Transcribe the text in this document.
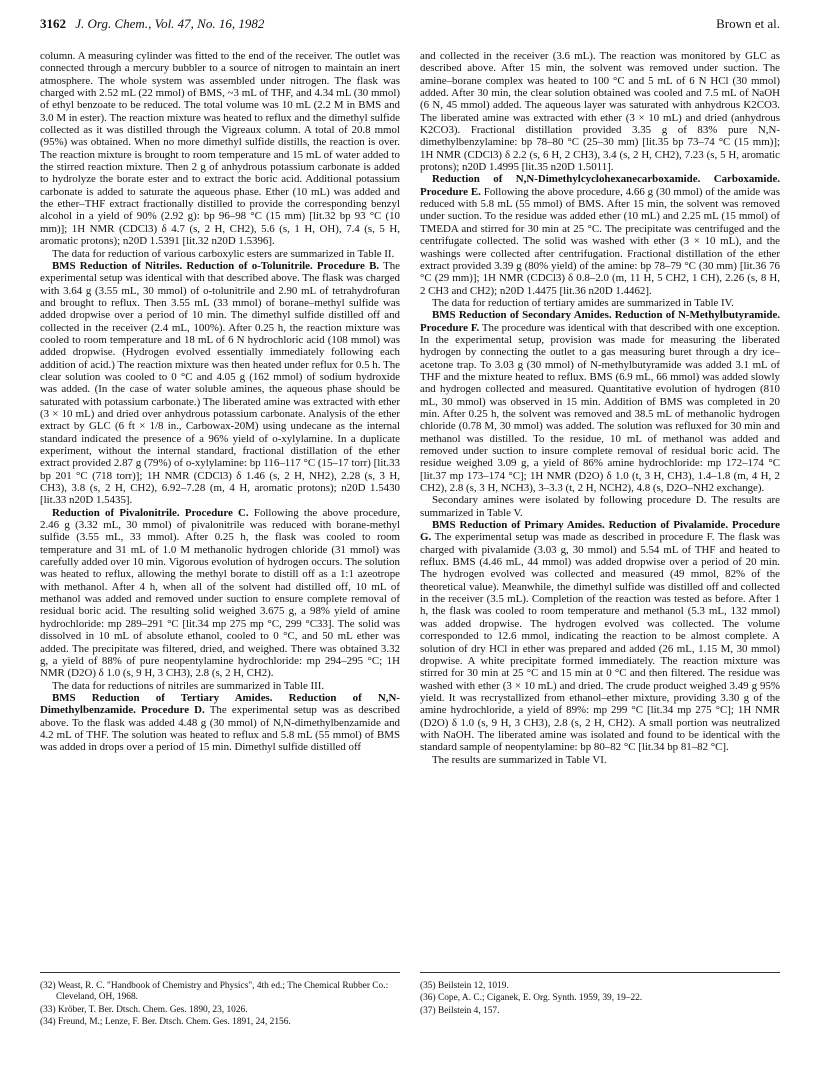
3162 J. Org. Chem., Vol. 47, No. 16, 1982	Brown et al.

column. A measuring cylinder was fitted to the end of the receiver. The outlet was connected through a mercury bubbler to a source of nitrogen to maintain an inert atmosphere. The whole system was assembled under nitrogen. The flask was charged with 2.52 mL (22 mmol) of BMS, ~3 mL of THF, and 4.34 mL (30 mmol) of ethyl benzoate to be reduced. The total volume was 10 mL (2.2 M in BMS and 3.0 M in ester). The reaction mixture was heated to reflux and the dimethyl sulfide collected as it was distilled through the Vigreaux column. A total of 20.8 mmol (95%) was obtained. When no more dimethyl sulfide distills, the reaction is over. The reaction mixture is brought to room temperature and 15 mL of water added to the stirred reaction mixture. Then 2 g of anhydrous potassium carbonate is added to hydrolyze the borate ester and to extract the boric acid. Additional potassium carbonate is added to saturate the aqueous phase. Ether (10 mL) was added and the ether–THF extract fractionally distilled to provide the corresponding benzyl alcohol in a yield of 90% (2.92 g): bp 96–98 °C (15 mm) [lit.32 bp 93 °C (10 mm)]; 1H NMR (CDCl3) δ 4.7 (s, 2 H, CH2), 5.6 (s, 1 H, OH), 7.4 (s, 5 H, aromatic protons); n20D 1.5391 [lit.32 n20D 1.5396].

The data for reduction of various carboxylic esters are summarized in Table II.

BMS Reduction of Nitriles. Reduction of o-Tolunitrile. Procedure B. The experimental setup was identical with that described above. The flask was charged with 3.64 g (3.55 mL, 30 mmol) of o-tolunitrile and 2.90 mL of tetrahydrofuran and brought to reflux. Then 3.55 mL (33 mmol) of borane–methyl sulfide was added dropwise over a period of 10 min. The dimethyl sulfide distilled off and collected in the receiver (2.4 mL, 100%). After 0.25 h, the reaction mixture was cooled to room temperature and 18 mL of 6 N hydrochloric acid (108 mmol) was added dropwise. (Hydrogen evolved essentially immediately following each addition of acid.) The reaction mixture was then heated under reflux for 0.5 h. The clear solution was cooled to 0 °C and 4.05 g (162 mmol) of sodium hydroxide was added. (In the case of water soluble amines, the aqueous phase should be saturated with potassium carbonate.) The liberated amine was extracted with ether (3 × 10 mL) and dried over anhydrous potassium carbonate. Analysis of the ether extract by GLC (6 ft × 1/8 in., Carbowax-20M) using undecane as the internal standard indicated the presence of a 96% yield of o-xylylamine. In a duplicate experiment, without the internal standard, fractional distillation of the ether extract provided 2.87 g (79%) of o-xylylamine: bp 116–117 °C (15–17 torr) [lit.33 bp 201 °C (718 torr)]; 1H NMR (CDCl3) δ 1.46 (s, 2 H, NH2), 2.28 (s, 3 H, CH3), 3.8 (s, 2 H, CH2), 6.92–7.28 (m, 4 H, aromatic protons); n20D 1.5430 [lit.33 n20D 1.5435].

Reduction of Pivalonitrile. Procedure C. Following the above procedure, 2.46 g (3.32 mL, 30 mmol) of pivalonitrile was reduced with borane-methyl sulfide (3.55 mL, 33 mmol). After 0.25 h, the flask was cooled to room temperature and 31 mL of 1.0 M methanolic hydrogen chloride (31 mmol) was carefully added over 10 min. Vigorous evolution of hydrogen occurs. The solution was heated to reflux, allowing the methyl borate to distill off as a 1:1 azeotrope with methanol. After 4 h, when all of the solvent had distilled off, 10 mL of methanol was added and removed under suction to ensure complete removal of residual boric acid. The resulting solid weighed 3.675 g, a 98% yield of amine hydrochloride: mp 289–291 °C [lit.34 mp 275 mp °C, 299 °C33]. The solid was dissolved in 10 mL of absolute ethanol, cooled to 0 °C, and 50 mL ether was added. The precipitate was filtered, dried, and weighed. There was obtained 3.32 g, a yield of 88% of pure neopentylamine hydrochloride: mp 294–295 °C; 1H NMR (D2O) δ 1.0 (s, 9 H, 3 CH3), 2.8 (s, 2 H, CH2).

The data for reductions of nitriles are summarized in Table III.

BMS Reduction of Tertiary Amides. Reduction of N,N-Dimethylbenzamide. Procedure D. The experimental setup was as described above. To the flask was added 4.48 g (30 mmol) of N,N-dimethylbenzamide and 4.2 mL of THF. The solution was heated to reflux and 5.8 mL (55 mmol) of BMS was added in drops over a period of 15 min. Dimethyl sulfide distilled off

and collected in the receiver (3.6 mL). The reaction was monitored by GLC as described above. After 15 min, the solvent was removed under suction. The amine–borane complex was heated to 100 °C and 5 mL of 6 N HCl (30 mmol) added. After 30 min, the clear solution obtained was cooled and 7.5 mL of NaOH (6 N, 45 mmol) added. The aqueous layer was saturated with anhydrous K2CO3. The liberated amine was extracted with ether (3 × 10 mL) and dried (anhydrous K2CO3). Fractional distillation provided 3.35 g of 83% pure N,N-dimethylbenzylamine: bp 78–80 °C (25–30 mm) [lit.35 bp 73–74 °C (15 mm)]; 1H NMR (CDCl3) δ 2.2 (s, 6 H, 2 CH3), 3.4 (s, 2 H, CH2), 7.23 (s, 5 H, aromatic protons); n20D 1.4995 [lit.35 n20D 1.5011].

Reduction of N,N-Dimethylcyclohexanecarboxamide. Carboxamide. Procedure E. Following the above procedure, 4.66 g (30 mmol) of the amide was reduced with 5.8 mL (55 mmol) of BMS. After 15 min, the solvent was removed under suction. To the residue was added ether (10 mL) and 2.25 mL (15 mmol) of TMEDA and stirred for 30 min at 25 °C. The precipitate was centrifuged and the centrifugate collected. The solid was washed with ether (3 × 10 mL), and the washings were collected after centrifugation. Fractional distillation of the ether extract provided 3.39 g (80% yield) of the amine: bp 78–79 °C (30 mm) [lit.36 76 °C (29 mm)]; 1H NMR (CDCl3) δ 0.8–2.0 (m, 11 H, 5 CH2, 1 CH), 2.26 (s, 8 H, 2 CH3 and CH2); n20D 1.4475 [lit.36 n20D 1.4462].

The data for reduction of tertiary amides are summarized in Table IV.

BMS Reduction of Secondary Amides. Reduction of N-Methylbutyramide. Procedure F. The procedure was identical with that described with one exception. In the experimental setup, provision was made for measuring the liberated hydrogen by connecting the outlet to a gas measuring buret through a dry ice–acetone trap. To 3.03 g (30 mmol) of N-methylbutyramide was added 3.1 mL of THF and the mixture heated to reflux. BMS (6.9 mL, 66 mmol) was added slowly and hydrogen collected and measured. Quantitative evolution of hydrogen (810 mL, 30 mmol) was observed in 15 min. Addition of BMS was completed in 20 min. After 0.25 h, the solvent was removed and 38.5 mL of methanolic hydrogen chloride (0.78 M, 30 mmol) was added. The solution was refluxed for 30 min and methanol was distilled. To the residue, 10 mL of methanol was added and removed under suction to insure complete removal of residual boric acid. The residue weighed 3.09 g, a yield of 86% amine hydrochloride: mp 172–174 °C [lit.37 mp 173–174 °C]; 1H NMR (D2O) δ 1.0 (t, 3 H, CH3), 1.4–1.8 (m, 4 H, 2 CH2), 2.8 (s, 3 H, NCH3), 3–3.3 (t, 2 H, NCH2), 4.8 (s, D2O–NH2 exchange).

Secondary amines were isolated by following procedure D. The results are summarized in Table V.

BMS Reduction of Primary Amides. Reduction of Pivalamide. Procedure G. The experimental setup was made as described in procedure F. The flask was charged with pivalamide (3.03 g, 30 mmol) and 5.54 mL of THF and heated to reflux. BMS (4.46 mL, 44 mmol) was added dropwise over a period of 20 min. The hydrogen evolved was collected and measured (49 mmol, 82% of the theoretical value). Meanwhile, the dimethyl sulfide was distilled off and collected in the receiver (3.5 mL). Completion of the reaction was tested as before. After 1 h, the flask was cooled to room temperature and methanol (5.3 mL, 132 mmol) was added dropwise. The hydrogen evolved was collected. The volume corresponded to 12.6 mmol, indicating the reaction to be almost complete. A solution of dry HCl in ether was prepared and added (26 mL, 1.15 M, 30 mmol) dropwise. A white precipitate formed immediately. The reaction mixture was stirred for 30 min at 25 °C and 15 min at 0 °C and then filtered. The residue was washed with ether (3 × 10 mL) and dried. The crude product weighed 3.49 g 95% yield. It was recrystallized from ethanol–ether mixture, providing 3.30 g of the amine hydrochloride, a yield of 89%: mp 299 °C [lit.34 mp 275 °C]; 1H NMR (D2O) δ 1.0 (s, 9 H, 3 CH3), 2.8 (s, 2 H, CH2). A small portion was neutralized with NaOH. The liberated amine was isolated and found to be identical with the standard sample of neopentylamine: bp 80–82 °C [lit.34 bp 81–82 °C].

The results are summarized in Table VI.

(32) Weast, R. C. "Handbook of Chemistry and Physics", 4th ed.; The Chemical Rubber Co.: Cleveland, OH, 1968.

(33) Kröber, T. Ber. Dtsch. Chem. Ges. 1890, 23, 1026.

(34) Freund, M.; Lenze, F. Ber. Dtsch. Chem. Ges. 1891, 24, 2156.

(35) Beilstein 12, 1019.

(36) Cope, A. C.; Ciganek, E. Org. Synth. 1959, 39, 19–22.

(37) Beilstein 4, 157.
